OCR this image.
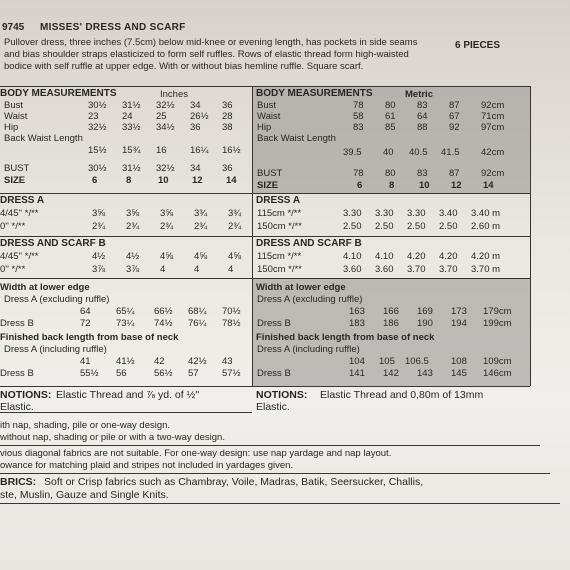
9745 MISSES' DRESS AND SCARF
6 PIECES
Pullover dress, three inches (7.5cm) below mid-knee or evening length, has pockets in side seams
and bias shoulder straps elasticized to form self ruffles. Rows of elastic thread form high-waisted
bodice with self ruffle at upper edge. With or without bias hemline ruffle. Square scarf.
BODY MEASUREMENTS	Inches
Bust	30½ 31½ 32½ 34 36
Waist	23 24 25 26½ 28
Hip	32½ 33½ 34½ 36 38
Back Waist Length
15½ 15¾ 16 16¼ 16½
BUST	30½ 31½ 32½ 34 36
SIZE	6	8	10 12 14
DRESS A
4/45'' */**	3⅝ 3⅝ 3⅝ 3¾ 3¾
0'' */**	2¾ 2¾ 2¾ 2¾ 2¾
DRESS AND SCARF B
4/45'' */**	4½ 4½ 4⅝ 4⅝ 4⅝
0'' */**	3⅞ 3⅞ 4	4	4
Width at lower edge
Dress A (excluding ruffle)
64	65¼ 66½ 68¼ 70½
Dress B	72	73¼ 74½ 76¼ 78½
Finished back length from base of neck
Dress A (including ruffle)
41	41½ 42 42½ 43
Dress B	55½ 56	56½ 57 57½
NOTIONS: Elastic Thread and ⅞ yd. of ½''
Elastic.
BODY MEASUREMENTS	Metric
Bust	78 80 83 87 92cm
Waist	58 61 64 67 71cm
Hip	83 85 88 92 97cm
Back Waist Length
39.5 40 40.5 41.5 42cm
BUST	78 80 83 87 92cm
SIZE	6	8	10 12 14
DRESS A
115cm */**	3.30 3.30 3.30 3.40 3.40 m
150cm */**	2.50 2.50 2.50 2.50 2.60 m
DRESS AND SCARF B
115cm */**	4.10 4.10 4.20 4.20 4.20 m
150cm */**	3.60 3.60 3.70 3.70 3.70 m
Width at lower edge
Dress A (excluding ruffle)
163 166 169 173 179cm
Dress B	183 186 190 194 199cm
Finished back length from base of neck
Dress A (including ruffle)
104 105 106.5 108 109cm
Dress B	141 142 143 145 146cm
NOTIONS: Elastic Thread and 0,80m of 13mm
Elastic.
ith nap, shading, pile or one-way design.
without nap, shading or pile or with a two-way design.
vious diagonal fabrics are not suitable. For one-way design: use nap yardage and nap layout.
owance for matching plaid and stripes not included in yardages given.
BRICS: Soft or Crisp fabrics such as Chambray, Voile, Madras, Batik, Seersucker, Challis,
ste, Muslin, Gauze and Single Knits.
